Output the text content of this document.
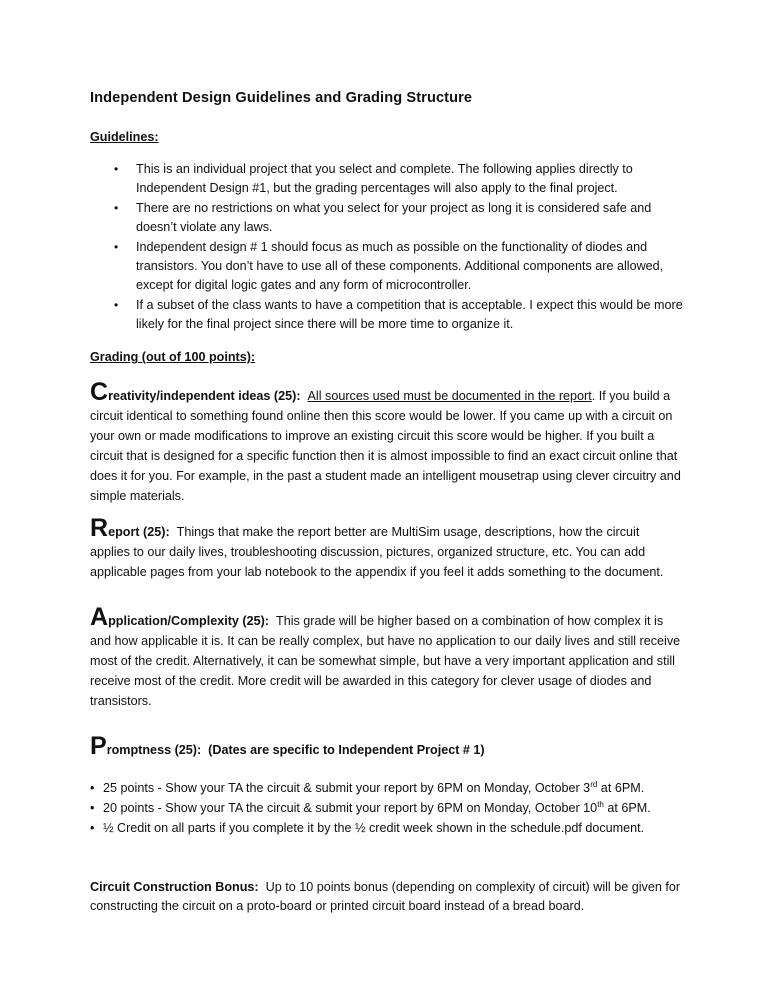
Independent Design Guidelines and Grading Structure
Guidelines:
• This is an individual project that you select and complete. The following applies directly to Independent Design #1, but the grading percentages will also apply to the final project.
• There are no restrictions on what you select for your project as long it is considered safe and doesn’t violate any laws.
• Independent design # 1 should focus as much as possible on the functionality of diodes and transistors. You don’t have to use all of these components. Additional components are allowed, except for digital logic gates and any form of microcontroller.
• If a subset of the class wants to have a competition that is acceptable. I expect this would be more likely for the final project since there will be more time to organize it.
Grading (out of 100 points):
C reativity/independent ideas (25):
All sources used must be documented in the report . If you build a

circuit identical to something found online then this score would be lower. If you came up with a circuit on your own or made modifications to improve an existing circuit this score would be higher. If you built a circuit that is designed for a specific function then it is almost impossible to find an exact circuit online that does it for you. For example, in the past a student made an intelligent mousetrap using clever circuitry and simple materials.

R eport (25):
Things that make the report better are MultiSim usage, descriptions, how the circuit

applies to our daily lives, troubleshooting discussion, pictures, organized structure, etc. You can add applicable pages from your lab notebook to the appendix if you feel it adds something to the document.

A pplication/Complexity (25):
This grade will be higher based on a combination of how complex it is

and how applicable it is. It can be really complex, but have no application to our daily lives and still receive most of the credit. Alternatively, it can be somewhat simple, but have a very important application and still receive most of the credit. More credit will be awarded in this category for clever usage of diodes and transistors.

P romptness (25):
(Dates are specific to Independent Project # 1)
• 25 points - Show your TA the circuit & submit your report by 6PM on Monday, October 3rd at 6PM.
• 20 points - Show your TA the circuit & submit your report by 6PM on Monday, October 10th at 6PM.
• ½ Credit on all parts if you complete it by the ½ credit week shown in the schedule.pdf document.
Circuit Construction Bonus: Up to 10 points bonus (depending on complexity of circuit) will be given for constructing the circuit on a proto-board or printed circuit board instead of a bread board.
